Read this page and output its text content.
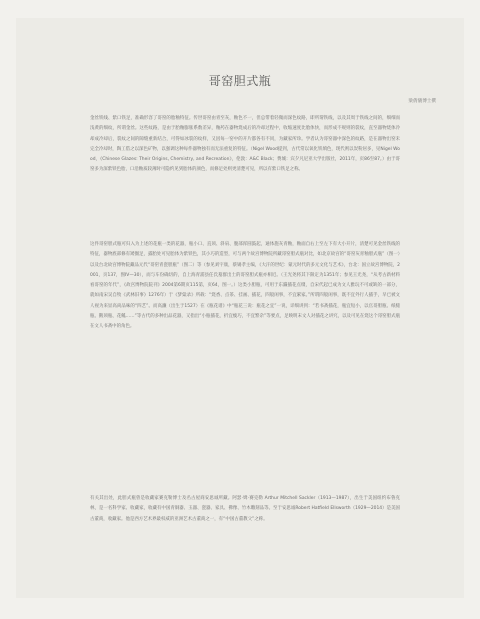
哥窑胆式瓶
梁倩儀博士撰

金丝铁线、紫口铁足，准确形容了哥窑的胎釉特征。传世哥窑由青至灰，釉色不一，但总带着轻微而深色纹路，即所谓铁线，以及其周于铁线之间的，细细而浅黄的细纹，所谓金丝。这些纹路，是由于胎釉膨胀系数差异，釉药在器物烧成后的冷却过程中，收缩速度比胎体快，而形成不规则的裂纹，直至器物烧体冷却成冷却后，裂纹之间的隙缝重新结合，可得如冰裂的纹样，又因每一窑中的开片都各有不同，为藏家所珍。学者认为哥窑器中深色的纹路，是在器物出窑未完全冷却时，陶工借之以深色矿物，以强调这种每件器物独有而无法重复的特征。（Nigel Wood提到，古代常以氧化铁填色，现代则以炭粉居多，见Nigel Wood，《Chinese Glazes: Their Origins, Chemistry, and Recreation》，伦敦：A&C Black；费城：宾夕凡尼亚大学出版社，2011年，页86至87。）由于哥窑多为深紫铁色胎，口沿釉质较薄时可隐约见到胎体的颜色，而修足处则更清楚可见，所以有紫口铁足之称。

这件哥窑胆式瓶可归入为上述的花瓶一类的花器，瓶小口、直颈、斜肩、腹部浑圆鼓起，通体施灰青釉，釉面自右上至左下有大小开片，清楚可见金丝铁线的特征，器物底部修有矮圈足，露胎处可见胎体为紫铁色，其小巧的造型，可与两个故宫博物院所藏哥窑胆式瓶对比，如北京故宫的“哥窑灰青釉胆式瓶”（图一）以及台北故宫博物院藏品元代“哥窑青瓷胆瓶”（图二）等（参见刘宇康，蔡锡孝主编，《大汗的世纪：蒙元时代的多元文化与艺术》，台北：国立故宫博物院，2001，页137，图IV—30），而与车份确切的，自上海青浦县任氏墓群出土的哥窑胆式瓶亦相近。（王光尧将其下限定为1351年；参见王光尧，“从考古新材料看哥窑的年代”，《故宫博物院院刊》2004第6期页115第，页64，图一。）这类小胆瓶，可用于东瀛插花点缀，自宋代起已成为文人雅玩不可或缺的一部分，就如南宋吴自牧《武林旧事》1276年）于《梦粱录》所载：“烧香、点茶、挂画、插花，四般闲事，不宜累家。”所谓四般闲事，既不宜外行人插手，早已被文人视为来显高尚品味的“四艺”。而高濂（出生于1527）在《瓶花谱》中“瓶花三说：瓶花之宜”一说，详细讲到：“若书斋插花，瓶宜短小，以官哥胆瓶、纸槌瓶、鹅颈瓶、花觚……”等古代的多种出品花器，又指出“小瓶插花，折宜瘦巧，不宜繁杂”等要点，足映明末文人对插花之讲究，以及可见在烧这个哥窑胆式瓶在文人书斋中的角色。

有关其出处，此胆式瓶曾是收藏家赛克勒博士及名古屋商安思诚所藏。阿瑟·姆·赛克勒 Arthur Mitchell Sackler（1913—1987），出生于美国纽约布鲁克林，是一名科学家、收藏家，收藏有中国青铜器、玉器、瓷器、家具、佛像、竹木雕刻品等。至于安思诚Robert Hatfield Ellsworth（1929—2014）是美国古董商，收藏家。他是西方艺术界最权威的亚洲艺术古董商之一，有“中国古董教父”之称。
